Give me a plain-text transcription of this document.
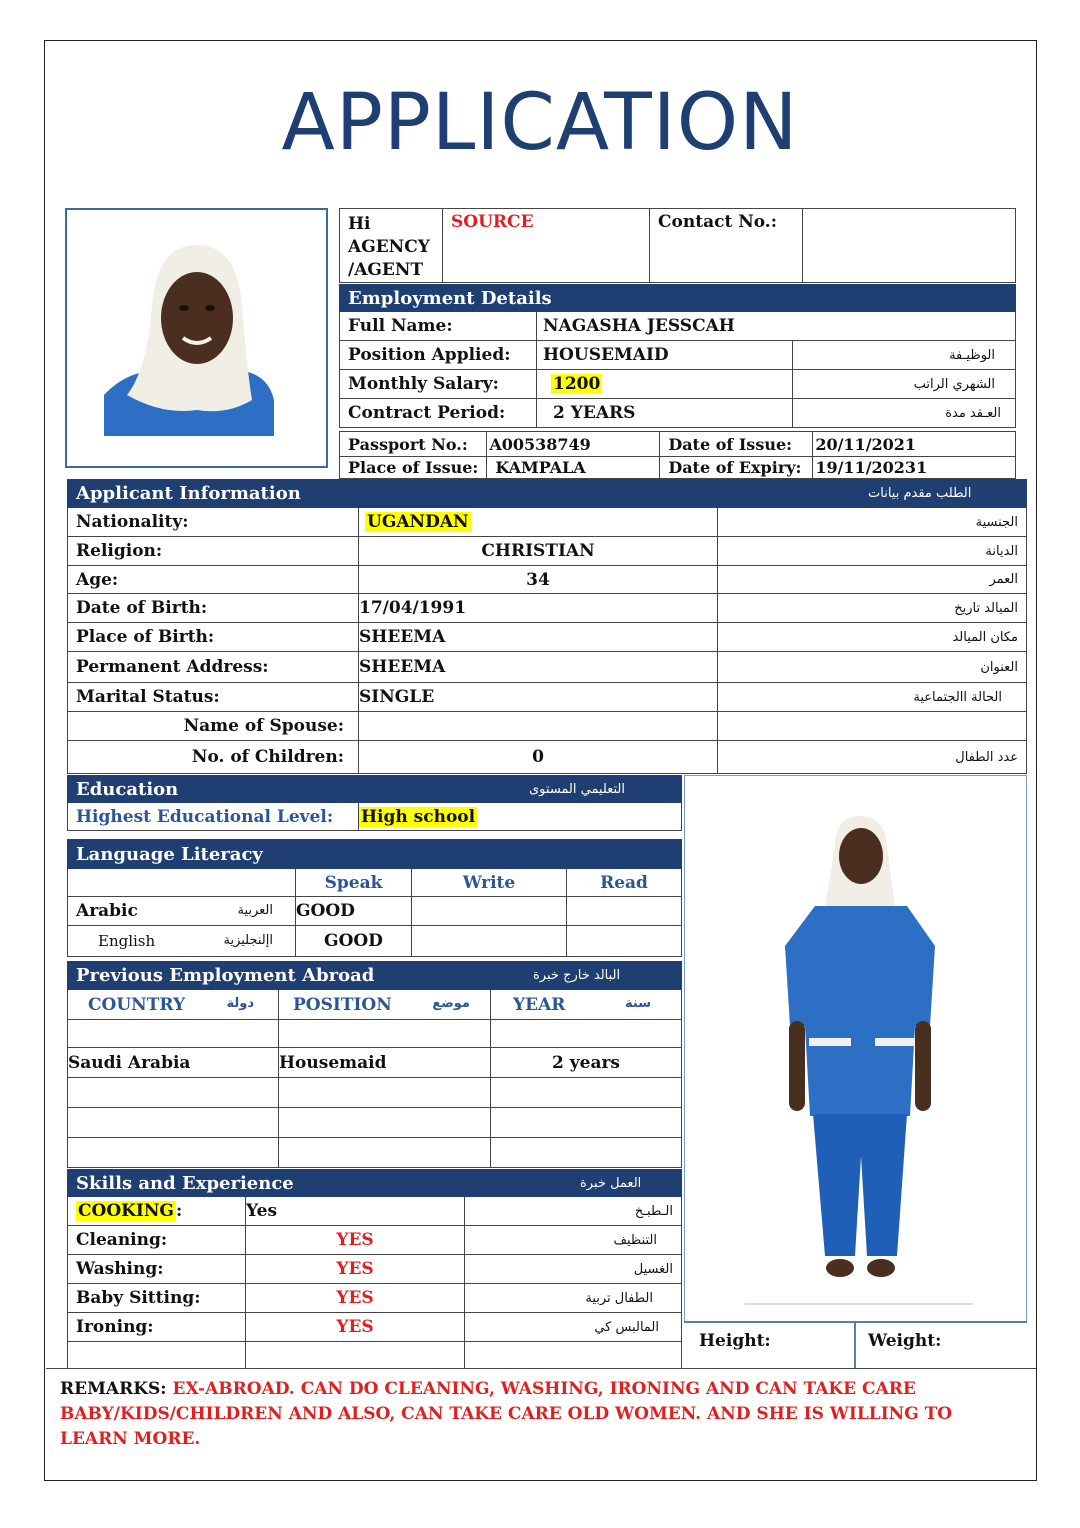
APPLICATION
Hi AGENCY /AGENT	SOURCE	Contact No.:	
Employment Details		
Full Name:	NAGASHA JESSCAH	
Position Applied:	HOUSEMAID	الوظيـفة
Monthly Salary:	1200	الشهري الراتب
Contract Period:	2 YEARS	العـقد مدة
Passport No.:	A00538749	Date of Issue:	20/11/2021
Place of Issue:	KAMPALA	Date of Expiry:	19/11/20231
Applicant Information		الطلب مقدم بيانات
Nationality:	UGANDAN	الجنسية
Religion:	CHRISTIAN	الديانة
Age:	34	العمر
Date of Birth:	17/04/1991	الميالد تاريخ
Place of Birth:	SHEEMA	مكان الميالد
Permanent Address:	SHEEMA	العنوان
Marital Status:	SINGLE	الحالة االجتماعية
Name of Spouse:		
No. of Children:	0	عدد الطفال
Education	التعليمي المستوى
Highest Educational Level:	High school
Language Literacy			
	Speak	Write	Read
Arabic العربية	GOOD		
English اإلنجليزية	GOOD		
Previous Employment Abroad		البالد خارج خبرة
COUNTRY دولة	POSITION موضع	YEAR سنة

Saudi Arabia	Housemaid	2 years

Skills and Experience		العمل خبرة
COOKING :	Yes	الـطبـخ
Cleaning:	YES	التنظيف
Washing:	YES	الغسيل
Baby Sitting:	YES	الطفال تربية
Ironing:	YES	المالبس كي

Height:	Weight:
REMARKS: EX-ABROAD. CAN DO CLEANING, WASHING, IRONING AND CAN TAKE CARE
BABY/KIDS/CHILDREN AND ALSO, CAN TAKE CARE OLD WOMEN. AND SHE IS WILLING TO LEARN MORE.
